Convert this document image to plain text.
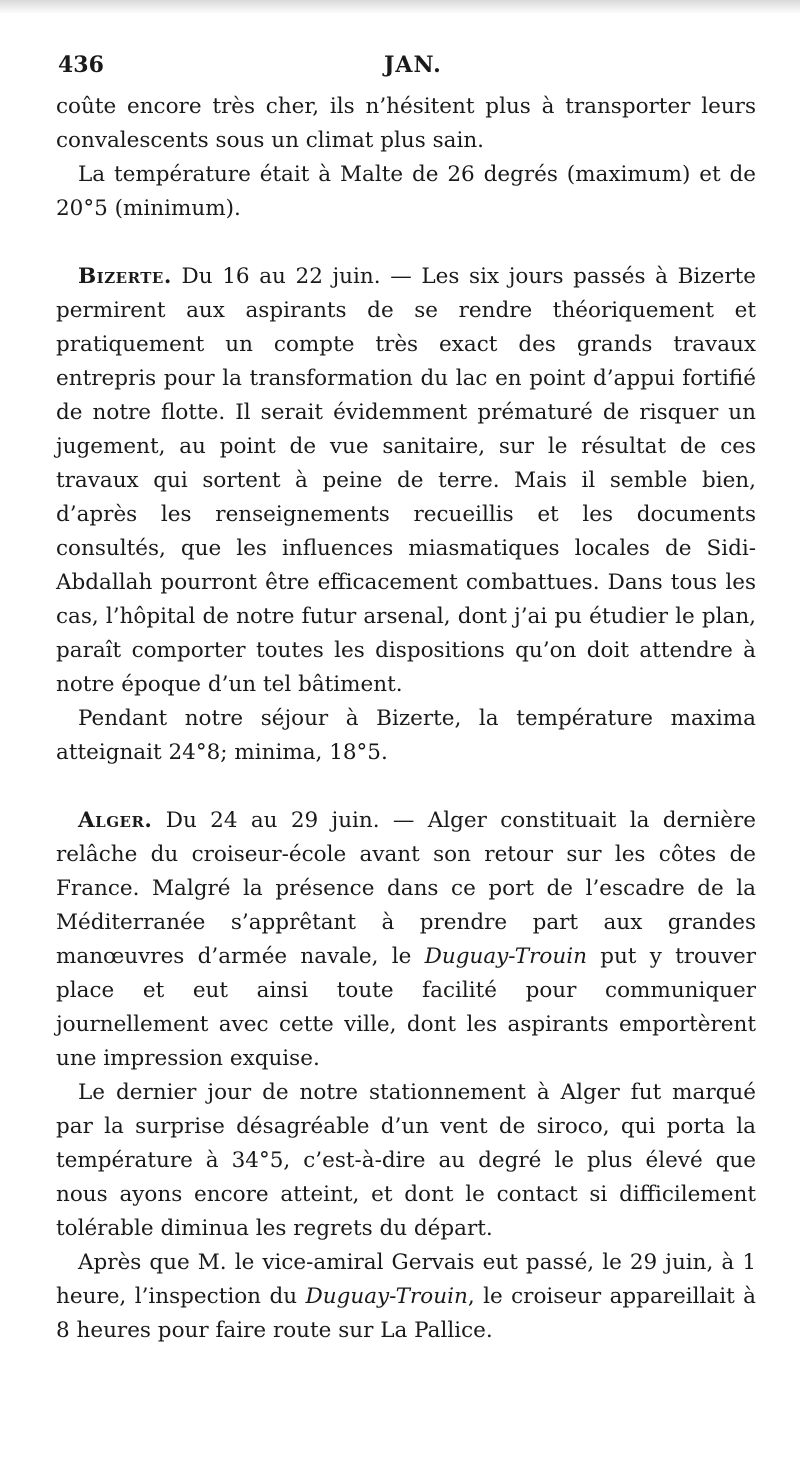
436	JAN.

coûte encore très cher, ils n’hésitent plus à transporter leurs convalescents sous un climat plus sain.

La température était à Malte de 26 degrés (maximum) et de 20°5 (minimum).

Bizerte. Du 16 au 22 juin. — Les six jours passés à Bizerte permirent aux aspirants de se rendre théoriquement et pratiquement un compte très exact des grands travaux entrepris pour la transformation du lac en point d’appui fortifié de notre flotte. Il serait évidemment prématuré de risquer un jugement, au point de vue sanitaire, sur le résultat de ces travaux qui sortent à peine de terre. Mais il semble bien, d’après les renseignements recueillis et les documents consultés, que les influences miasmatiques locales de Sidi-Abdallah pourront être efficacement combattues. Dans tous les cas, l’hôpital de notre futur arsenal, dont j’ai pu étudier le plan, paraît comporter toutes les dispositions qu’on doit attendre à notre époque d’un tel bâtiment.

Pendant notre séjour à Bizerte, la température maxima atteignait 24°8; minima, 18°5.

Alger. Du 24 au 29 juin. — Alger constituait la dernière relâche du croiseur-école avant son retour sur les côtes de France. Malgré la présence dans ce port de l’escadre de la Méditerranée s’apprêtant à prendre part aux grandes manœuvres d’armée navale, le Duguay-Trouin put y trouver place et eut ainsi toute facilité pour communiquer journellement avec cette ville, dont les aspirants emportèrent une impression exquise.

Le dernier jour de notre stationnement à Alger fut marqué par la surprise désagréable d’un vent de siroco, qui porta la température à 34°5, c’est-à-dire au degré le plus élevé que nous ayons encore atteint, et dont le contact si difficilement tolérable diminua les regrets du départ.

Après que M. le vice-amiral Gervais eut passé, le 29 juin, à 1 heure, l’inspection du Duguay-Trouin, le croiseur appareillait à 8 heures pour faire route sur La Pallice.
